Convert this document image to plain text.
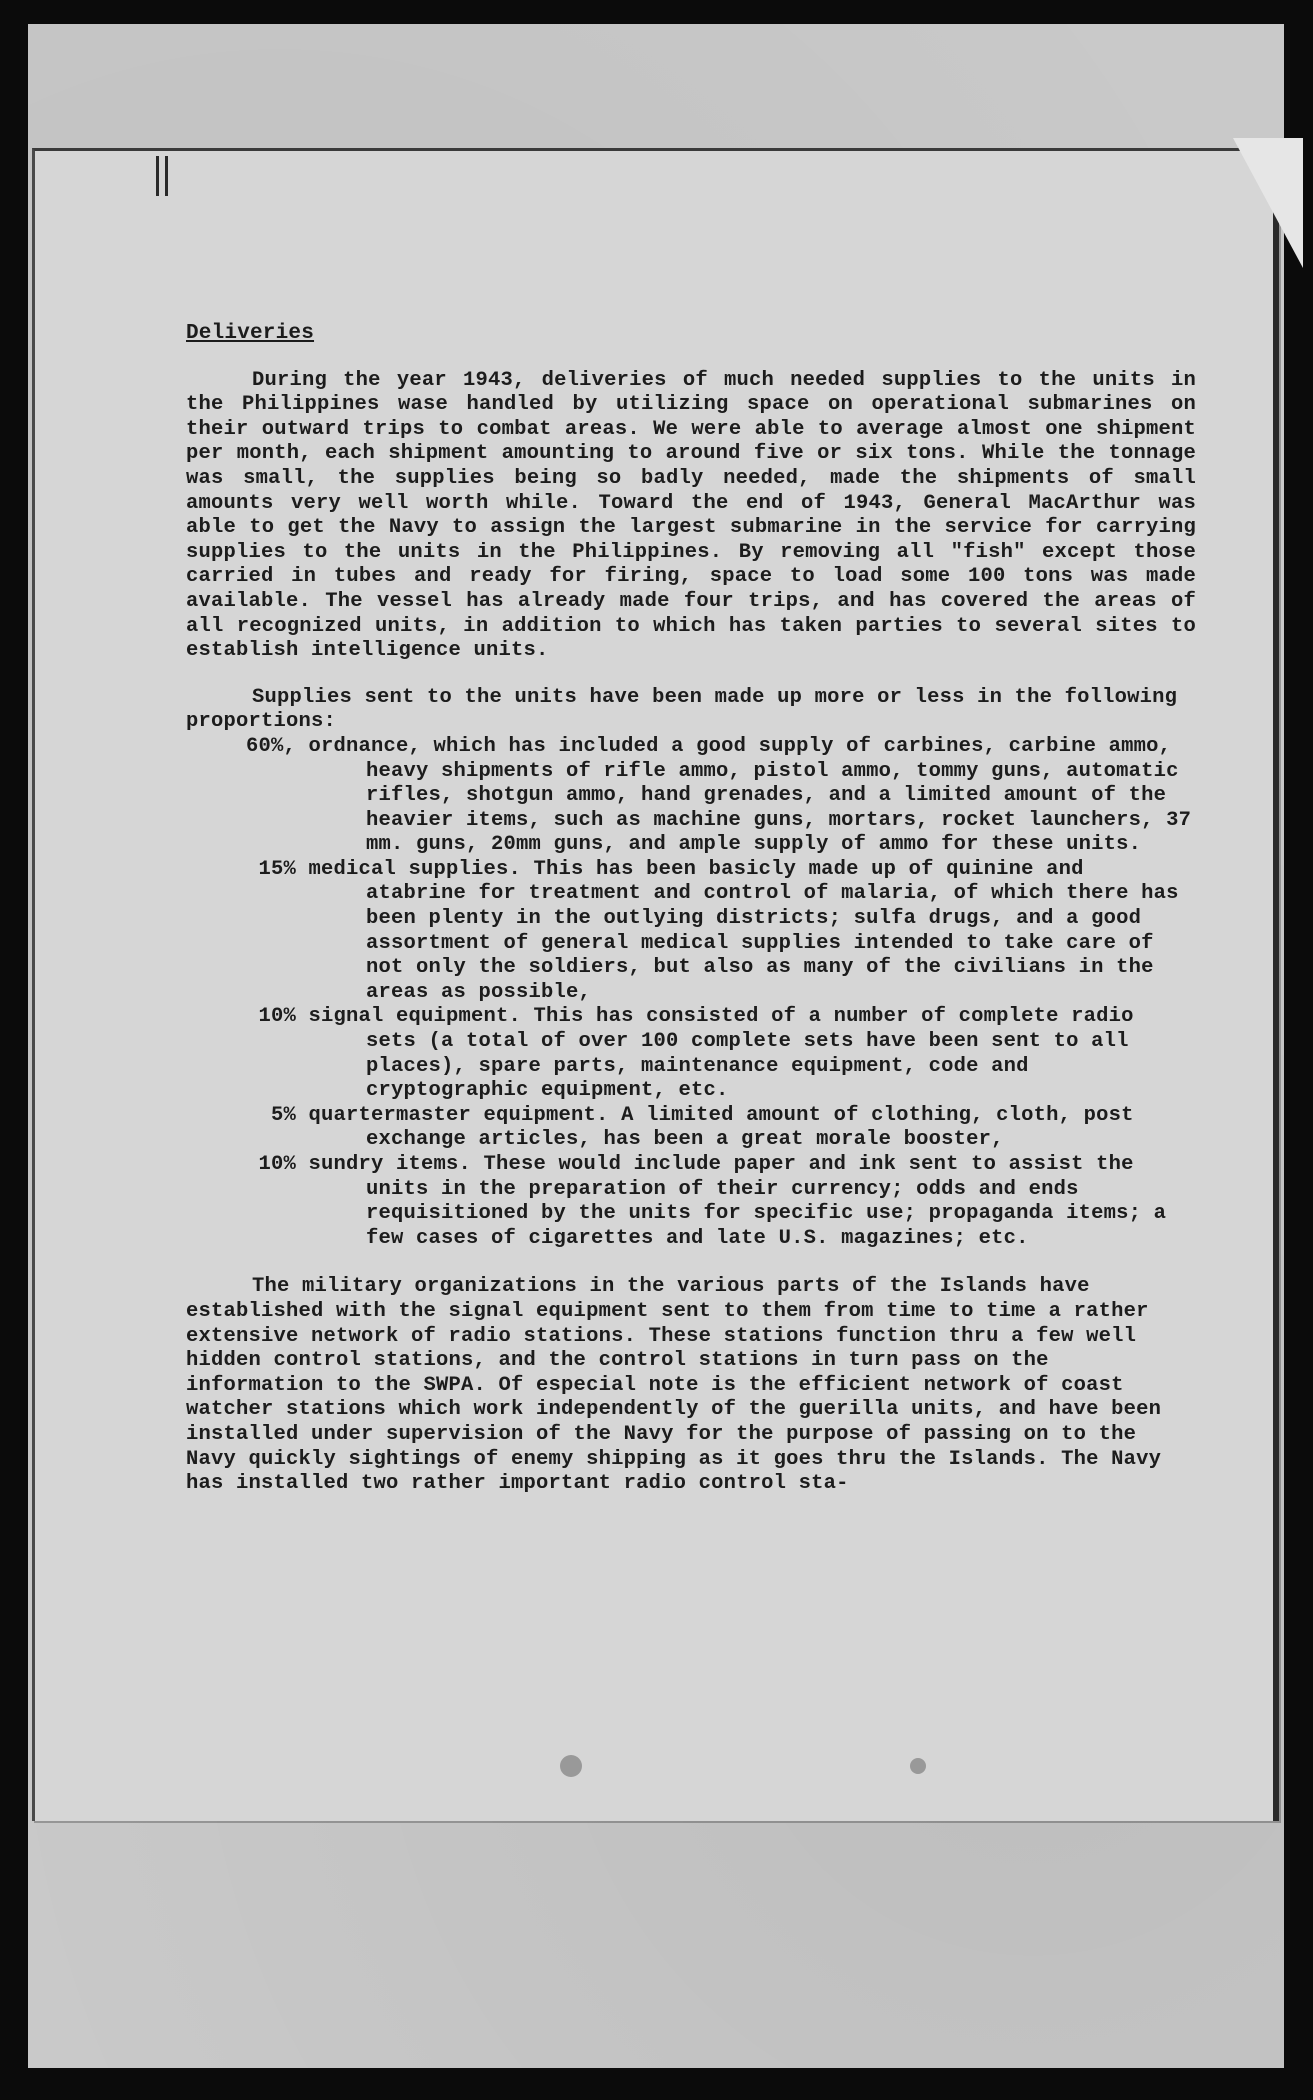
Deliveries

During the year 1943, deliveries of much needed supplies to the units in the Philippines wase handled by utilizing space on operational submarines on their outward trips to combat areas. We were able to average almost one shipment per month, each shipment amounting to around five or six tons. While the tonnage was small, the supplies being so badly needed, made the shipments of small amounts very well worth while. Toward the end of 1943, General MacArthur was able to get the Navy to assign the largest submarine in the service for carrying supplies to the units in the Philippines. By removing all "fish" except those carried in tubes and ready for firing, space to load some 100 tons was made available. The vessel has already made four trips, and has covered the areas of all recognized units, in addition to which has taken parties to several sites to establish intelligence units.

Supplies sent to the units have been made up more or less in the following proportions:

60%, ordnance, which has included a good supply of carbines, carbine ammo, heavy shipments of rifle ammo, pistol ammo, tommy guns, automatic rifles, shotgun ammo, hand grenades, and a limited amount of the heavier items, such as machine guns, mortars, rocket launchers, 37 mm. guns, 20mm guns, and ample supply of ammo for these units.
15% medical supplies. This has been basicly made up of quinine and atabrine for treatment and control of malaria, of which there has been plenty in the outlying districts; sulfa drugs, and a good assortment of general medical supplies intended to take care of not only the soldiers, but also as many of the civilians in the areas as possible,
10% signal equipment. This has consisted of a number of complete radio sets (a total of over 100 complete sets have been sent to all places), spare parts, maintenance equipment, code and cryptographic equipment, etc.
5% quartermaster equipment. A limited amount of clothing, cloth, post exchange articles, has been a great morale booster,
10% sundry items. These would include paper and ink sent to assist the units in the preparation of their currency; odds and ends requisitioned by the units for specific use; propaganda items; a few cases of cigarettes and late U.S. magazines; etc.

The military organizations in the various parts of the Islands have established with the signal equipment sent to them from time to time a rather extensive network of radio stations. These stations function thru a few well hidden control stations, and the control stations in turn pass on the information to the SWPA. Of especial note is the efficient network of coast watcher stations which work independently of the guerilla units, and have been installed under supervision of the Navy for the purpose of passing on to the Navy quickly sightings of enemy shipping as it goes thru the Islands. The Navy has installed two rather important radio control sta-
